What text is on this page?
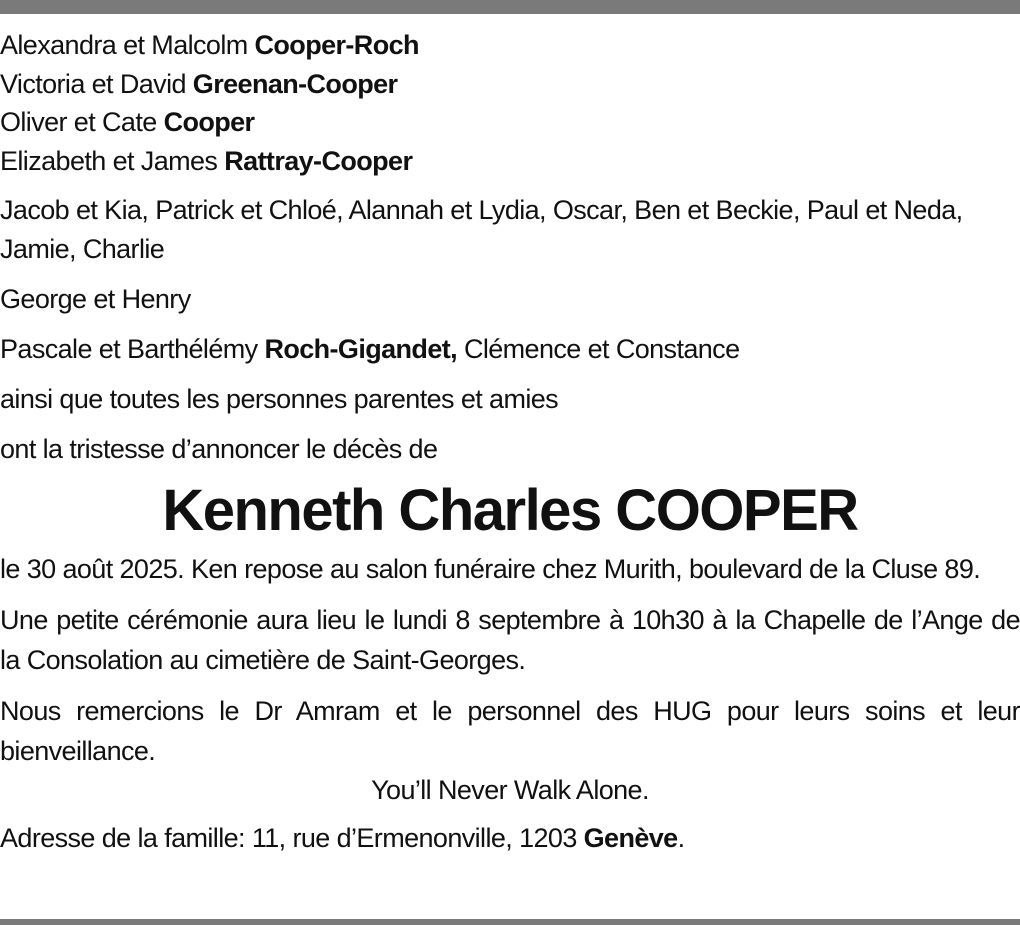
Alexandra et Malcolm Cooper-Roch
Victoria et David Greenan-Cooper
Oliver et Cate Cooper
Elizabeth et James Rattray-Cooper
Jacob et Kia, Patrick et Chloé, Alannah et Lydia, Oscar, Ben et Beckie, Paul et Neda, Jamie, Charlie
George et Henry
Pascale et Barthélémy Roch-Gigandet, Clémence et Constance
ainsi que toutes les personnes parentes et amies
ont la tristesse d’annoncer le décès de
Kenneth Charles COOPER
le 30 août 2025. Ken repose au salon funéraire chez Murith, boulevard de la Cluse 89.
Une petite cérémonie aura lieu le lundi 8 septembre à 10h30 à la Chapelle de l’Ange de la Consolation au cimetière de Saint-Georges.
Nous remercions le Dr Amram et le personnel des HUG pour leurs soins et leur bienveillance.
You’ll Never Walk Alone.
Adresse de la famille: 11, rue d’Ermenonville, 1203 Genève.
